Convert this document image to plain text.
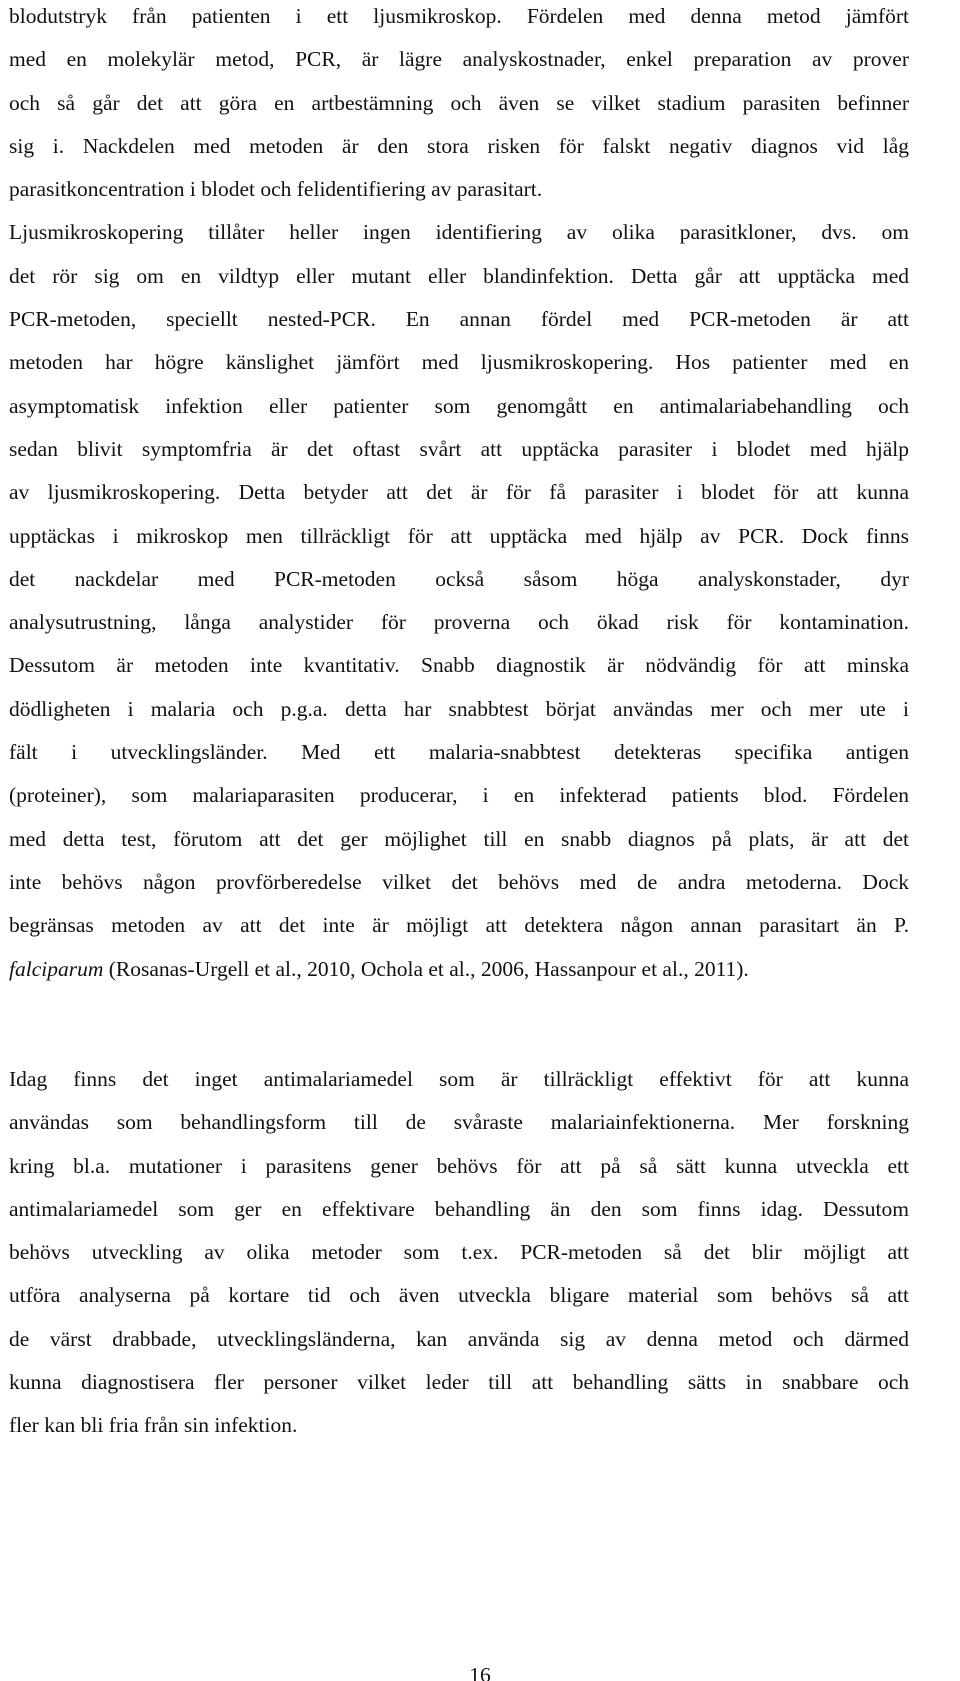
blodutstryk från patienten i ett ljusmikroskop. Fördelen med denna metod jämfört
med en molekylär metod, PCR, är lägre analyskostnader, enkel preparation av prover
och så går det att göra en artbestämning och även se vilket stadium parasiten befinner
sig i. Nackdelen med metoden är den stora risken för falskt negativ diagnos vid låg
parasitkoncentration i blodet och felidentifiering av parasitart.
Ljusmikroskopering tillåter heller ingen identifiering av olika parasitkloner, dvs. om
det rör sig om en vildtyp eller mutant eller blandinfektion. Detta går att upptäcka med
PCR-metoden, speciellt nested-PCR. En annan fördel med PCR-metoden är att
metoden har högre känslighet jämfört med ljusmikroskopering. Hos patienter med en
asymptomatisk infektion eller patienter som genomgått en antimalariabehandling och
sedan blivit symptomfria är det oftast svårt att upptäcka parasiter i blodet med hjälp
av ljusmikroskopering. Detta betyder att det är för få parasiter i blodet för att kunna
upptäckas i mikroskop men tillräckligt för att upptäcka med hjälp av PCR. Dock finns
det nackdelar med PCR-metoden också såsom höga analyskonstader, dyr
analysutrustning, långa analystider för proverna och ökad risk för kontamination.
Dessutom är metoden inte kvantitativ. Snabb diagnostik är nödvändig för att minska
dödligheten i malaria och p.g.a. detta har snabbtest börjat användas mer och mer ute i
fält i utvecklingsländer. Med ett malaria-snabbtest detekteras specifika antigen
(proteiner), som malariaparasiten producerar, i en infekterad patients blod. Fördelen
med detta test, förutom att det ger möjlighet till en snabb diagnos på plats, är att det
inte behövs någon provförberedelse vilket det behövs med de andra metoderna. Dock
begränsas metoden av att det inte är möjligt att detektera någon annan parasitart än P.
falciparum (Rosanas-Urgell et al., 2010, Ochola et al., 2006, Hassanpour et al., 2011).
Idag finns det inget antimalariamedel som är tillräckligt effektivt för att kunna
användas som behandlingsform till de svåraste malariainfektionerna. Mer forskning
kring bl.a. mutationer i parasitens gener behövs för att på så sätt kunna utveckla ett
antimalariamedel som ger en effektivare behandling än den som finns idag. Dessutom
behövs utveckling av olika metoder som t.ex. PCR-metoden så det blir möjligt att
utföra analyserna på kortare tid och även utveckla bligare material som behövs så att
de värst drabbade, utvecklingsländerna, kan använda sig av denna metod och därmed
kunna diagnostisera fler personer vilket leder till att behandling sätts in snabbare och
fler kan bli fria från sin infektion.
16
